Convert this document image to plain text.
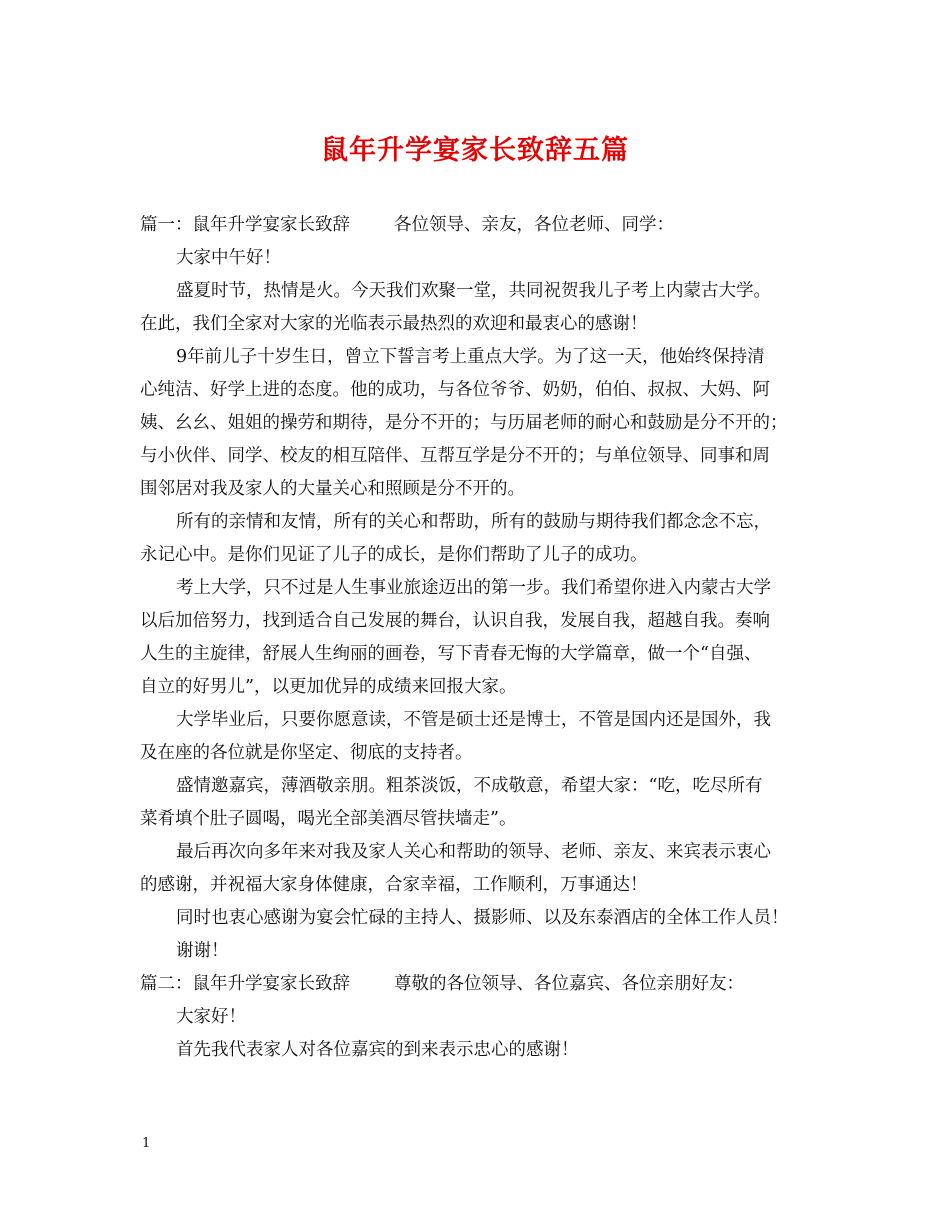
鼠年升学宴家长致辞五篇
篇一：鼠年升学宴家长致辞	各位领导、亲友，各位老师、同学：
大家中午好！
盛夏时节，热情是火。今天我们欢聚一堂，共同祝贺我儿子考上内蒙古大学。
在此，我们全家对大家的光临表示最热烈的欢迎和最衷心的感谢！
9年前儿子十岁生日，曾立下誓言考上重点大学。为了这一天，他始终保持清
心纯洁、好学上进的态度。他的成功，与各位爷爷、奶奶，伯伯、叔叔、大妈、阿
姨、幺幺、姐姐的操劳和期待，是分不开的；与历届老师的耐心和鼓励是分不开的；
与小伙伴、同学、校友的相互陪伴、互帮互学是分不开的；与单位领导、同事和周
围邻居对我及家人的大量关心和照顾是分不开的。
所有的亲情和友情，所有的关心和帮助，所有的鼓励与期待我们都念念不忘，
永记心中。是你们见证了儿子的成长，是你们帮助了儿子的成功。
考上大学，只不过是人生事业旅途迈出的第一步。我们希望你进入内蒙古大学
以后加倍努力，找到适合自己发展的舞台，认识自我，发展自我，超越自我。奏响
人生的主旋律，舒展人生绚丽的画卷，写下青春无悔的大学篇章，做一个“自强、
自立的好男儿”，以更加优异的成绩来回报大家。
大学毕业后，只要你愿意读，不管是硕士还是博士，不管是国内还是国外，我
及在座的各位就是你坚定、彻底的支持者。
盛情邀嘉宾，薄酒敬亲朋。粗茶淡饭，不成敬意，希望大家：“吃，吃尽所有
菜肴填个肚子圆喝，喝光全部美酒尽管扶墙走”。
最后再次向多年来对我及家人关心和帮助的领导、老师、亲友、来宾表示衷心
的感谢，并祝福大家身体健康，合家幸福，工作顺利，万事通达！
同时也衷心感谢为宴会忙碌的主持人、摄影师、以及东泰酒店的全体工作人员！
谢谢！
篇二：鼠年升学宴家长致辞	尊敬的各位领导、各位嘉宾、各位亲朋好友：
大家好！
首先我代表家人对各位嘉宾的到来表示忠心的感谢！
1
